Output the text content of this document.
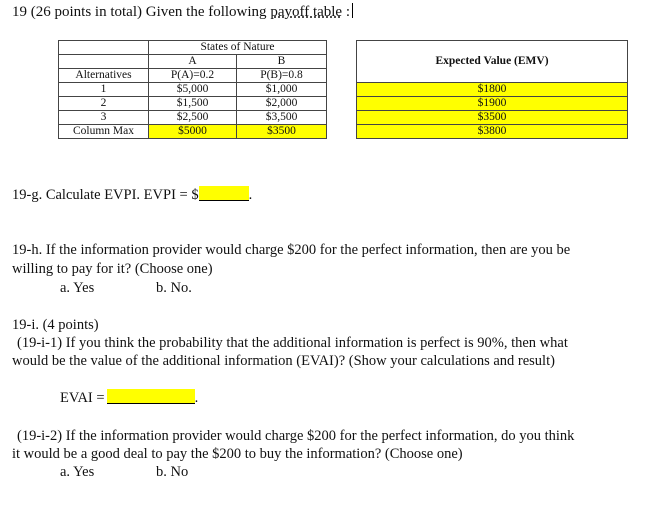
19 (26 points in total) Given the following payoff table :
	States of Nature			Expected Value (EMV)
	A	B		
Alternatives	P(A)=0.2	P(B)=0.8		
1	$5,000	$1,000		$1800
2	$1,500	$2,000		$1900
3	$2,500	$3,500		$3500
Column Max	$5000	$3500		$3800
19-g. Calculate EVPI. EVPI = $	.
19-h. If the information provider would charge $200 for the perfect information, then are you be
willing to pay for it? (Choose one)
a. Yes	b. No.
19-i. (4 points)
(19-i-1) If you think the probability that the additional information is perfect is 90%, then what
would be the value of the additional information (EVAI)? (Show your calculations and result)
EVAI =	.
(19-i-2) If the information provider would charge $200 for the perfect information, do you think
it would be a good deal to pay the $200 to buy the information? (Choose one)
a. Yes	b. No
